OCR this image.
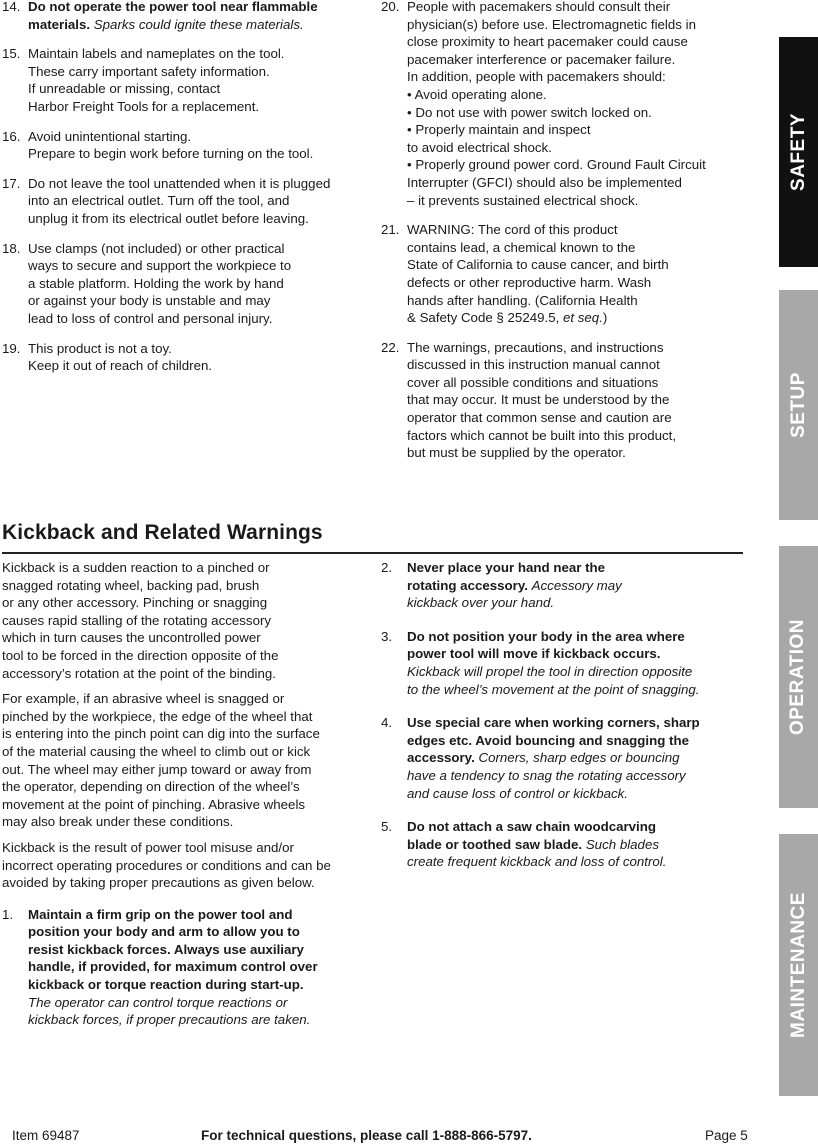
14. Do not operate the power tool near flammable materials. Sparks could ignite these materials.
15. Maintain labels and nameplates on the tool.
These carry important safety information.
If unreadable or missing, contact
Harbor Freight Tools for a replacement.
16. Avoid unintentional starting.
Prepare to begin work before turning on the tool.
17. Do not leave the tool unattended when it is plugged
into an electrical outlet. Turn off the tool, and
unplug it from its electrical outlet before leaving.
18. Use clamps (not included) or other practical
ways to secure and support the workpiece to
a stable platform. Holding the work by hand
or against your body is unstable and may
lead to loss of control and personal injury.
19. This product is not a toy.
Keep it out of reach of children.
20. People with pacemakers should consult their
physician(s) before use. Electromagnetic fields in
close proximity to heart pacemaker could cause
pacemaker interference or pacemaker failure.
In addition, people with pacemakers should:
• Avoid operating alone.
• Do not use with power switch locked on.
• Properly maintain and inspect
to avoid electrical shock.
• Properly ground power cord. Ground Fault Circuit
Interrupter (GFCI) should also be implemented
– it prevents sustained electrical shock.
21. WARNING: The cord of this product
contains lead, a chemical known to the
State of California to cause cancer, and birth
defects or other reproductive harm. Wash
hands after handling. (California Health
& Safety Code § 25249.5, et seq.)
22. The warnings, precautions, and instructions
discussed in this instruction manual cannot
cover all possible conditions and situations
that may occur. It must be understood by the
operator that common sense and caution are
factors which cannot be built into this product,
but must be supplied by the operator.
Kickback and Related Warnings

Kickback is a sudden reaction to a pinched or
snagged rotating wheel, backing pad, brush
or any other accessory. Pinching or snagging
causes rapid stalling of the rotating accessory
which in turn causes the uncontrolled power
tool to be forced in the direction opposite of the
accessory’s rotation at the point of the binding.

For example, if an abrasive wheel is snagged or
pinched by the workpiece, the edge of the wheel that
is entering into the pinch point can dig into the surface
of the material causing the wheel to climb out or kick
out. The wheel may either jump toward or away from
the operator, depending on direction of the wheel’s
movement at the point of pinching. Abrasive wheels
may also break under these conditions.

Kickback is the result of power tool misuse and/or
incorrect operating procedures or conditions and can be
avoided by taking proper precautions as given below.

1. Maintain a firm grip on the power tool and
position your body and arm to allow you to
resist kickback forces. Always use auxiliary
handle, if provided, for maximum control over
kickback or torque reaction during start-up.
The operator can control torque reactions or
kickback forces, if proper precautions are taken.
2. Never place your hand near the
rotating accessory. Accessory may
kickback over your hand.
3. Do not position your body in the area where
power tool will move if kickback occurs.
Kickback will propel the tool in direction opposite
to the wheel’s movement at the point of snagging.
4. Use special care when working corners, sharp
edges etc. Avoid bouncing and snagging the
accessory. Corners, sharp edges or bouncing
have a tendency to snag the rotating accessory
and cause loss of control or kickback.
5. Do not attach a saw chain woodcarving
blade or toothed saw blade. Such blades
create frequent kickback and loss of control.
SAFETY
SETUP
OPERATION
MAINTENANCE
Item 69487	For technical questions, please call 1-888-866-5797.	Page 5
